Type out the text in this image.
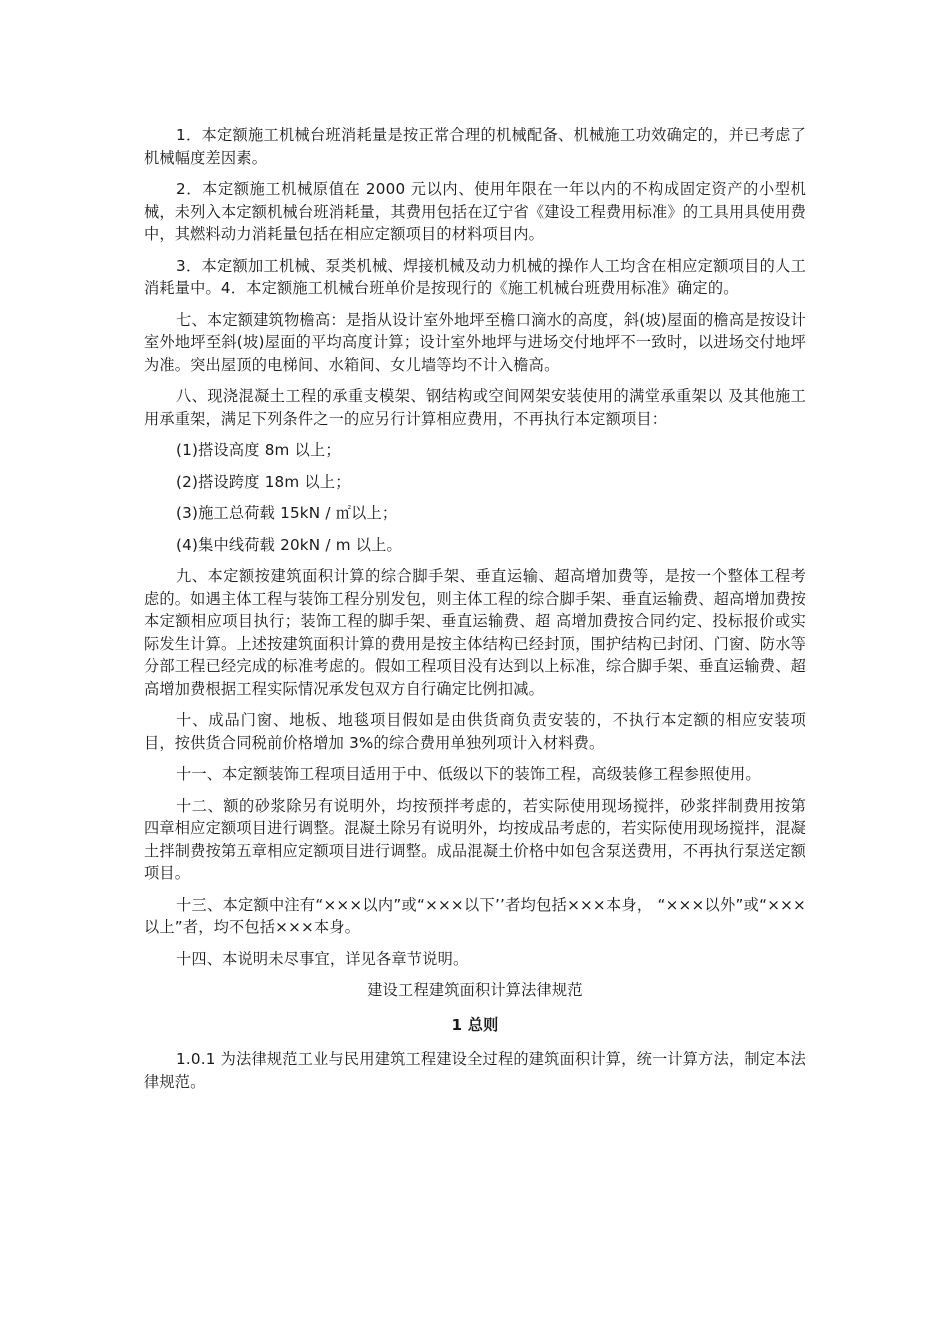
1．本定额施工机械台班消耗量是按正常合理的机械配备、机械施工功效确定的，并已考虑了机械幅度差因素。

2．本定额施工机械原值在 2000 元以内、使用年限在一年以内的不构成固定资产的小型机械，未列入本定额机械台班消耗量，其费用包括在辽宁省《建设工程费用标准》的工具用具使用费中，其燃料动力消耗量包括在相应定额项目的材料项目内。

3．本定额加工机械、泵类机械、焊接机械及动力机械的操作人工均含在相应定额项目的人工消耗量中。4．本定额施工机械台班单价是按现行的《施工机械台班费用标准》确定的。

七、本定额建筑物檐高：是指从设计室外地坪至檐口滴水的高度，斜(坡)屋面的檐高是按设计室外地坪至斜(坡)屋面的平均高度计算；设计室外地坪与进场交付地坪不一致时，以进场交付地坪为准。突出屋顶的电梯间、水箱间、女儿墙等均不计入檐高。

八、现浇混凝土工程的承重支模架、钢结构或空间网架安装使用的满堂承重架以 及其他施工用承重架，满足下列条件之一的应另行计算相应费用，不再执行本定额项目：

(1)搭设高度 8m 以上；

(2)搭设跨度 18m 以上；

(3)施工总荷载 15kN / ㎡以上；

(4)集中线荷载 20kN / m 以上。

九、本定额按建筑面积计算的综合脚手架、垂直运输、超高增加费等，是按一个整体工程考虑的。如遇主体工程与装饰工程分别发包，则主体工程的综合脚手架、垂直运输费、超高增加费按本定额相应项目执行；装饰工程的脚手架、垂直运输费、超 高增加费按合同约定、投标报价或实际发生计算。上述按建筑面积计算的费用是按主体结构已经封顶，围护结构已封闭、门窗、防水等分部工程已经完成的标准考虑的。假如工程项目没有达到以上标准，综合脚手架、垂直运输费、超高增加费根据工程实际情况承发包双方自行确定比例扣减。

十、成品门窗、地板、地毯项目假如是由供货商负责安装的，不执行本定额的相应安装项目，按供货合同税前价格增加 3%的综合费用单独列项计入材料费。

十一、本定额装饰工程项目适用于中、低级以下的装饰工程，高级装修工程参照使用。

十二、额的砂浆除另有说明外，均按预拌考虑的，若实际使用现场搅拌，砂浆拌制费用按第四章相应定额项目进行调整。混凝土除另有说明外，均按成品考虑的，若实际使用现场搅拌，混凝土拌制费按第五章相应定额项目进行调整。成品混凝土价格中如包含泵送费用，不再执行泵送定额项目。

十三、本定额中注有“×××以内”或“×××以下’’者均包括×××本身， “×××以外”或“×××以上”者，均不包括×××本身。

十四、本说明未尽事宜，详见各章节说明。

建设工程建筑面积计算法律规范

1 总则

1.0.1 为法律规范工业与民用建筑工程建设全过程的建筑面积计算，统一计算方法，制定本法律规范。
